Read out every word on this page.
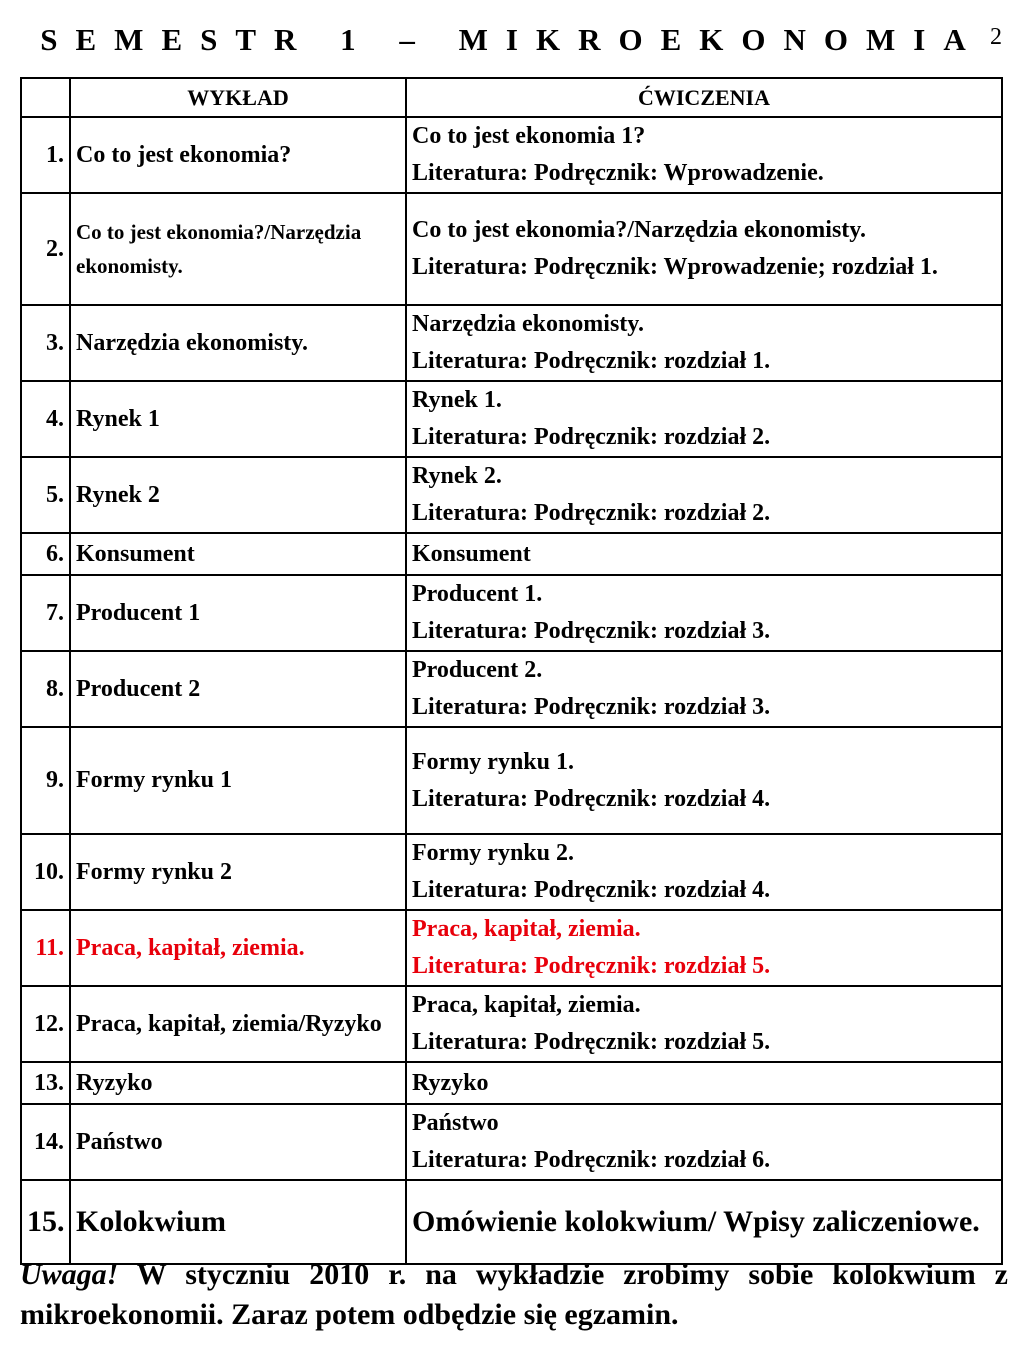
SEMESTR 1 – MIKROEKONOMIA 2
	WYKŁAD	ĆWICZENIA
1.	Co to jest ekonomia?	Co to jest ekonomia 1?
Literatura: Podręcznik: Wprowadzenie.

2.	Co to jest ekonomia?/Narzędzia ekonomisty.	Co to jest ekonomia?/Narzędzia ekonomisty.
Literatura: Podręcznik: Wprowadzenie; rozdział 1.

3.	Narzędzia ekonomisty.	Narzędzia ekonomisty.
Literatura: Podręcznik: rozdział 1.

4.	Rynek 1	Rynek 1.
Literatura: Podręcznik: rozdział 2.

5.	Rynek 2	Rynek 2.
Literatura: Podręcznik: rozdział 2.

6.	Konsument	Konsument

7.	Producent 1	Producent 1.
Literatura: Podręcznik: rozdział 3.

8.	Producent 2	Producent 2.
Literatura: Podręcznik: rozdział 3.

9.	Formy rynku 1	Formy rynku 1.
Literatura: Podręcznik: rozdział 4.

10.	Formy rynku 2	Formy rynku 2.
Literatura: Podręcznik: rozdział 4.

11.	Praca, kapitał, ziemia.	Praca, kapitał, ziemia.
Literatura: Podręcznik: rozdział 5.

12.	Praca, kapitał, ziemia/Ryzyko	Praca, kapitał, ziemia.
Literatura: Podręcznik: rozdział 5.

13.	Ryzyko	Ryzyko

14.	Państwo	Państwo
Literatura: Podręcznik: rozdział 6.

15.	Kolokwium	Omówienie kolokwium/ Wpisy zaliczeniowe.
Uwaga! W styczniu 2010 r. na wykładzie zrobimy sobie kolokwium z mikroekonomii. Zaraz potem odbędzie się egzamin.
